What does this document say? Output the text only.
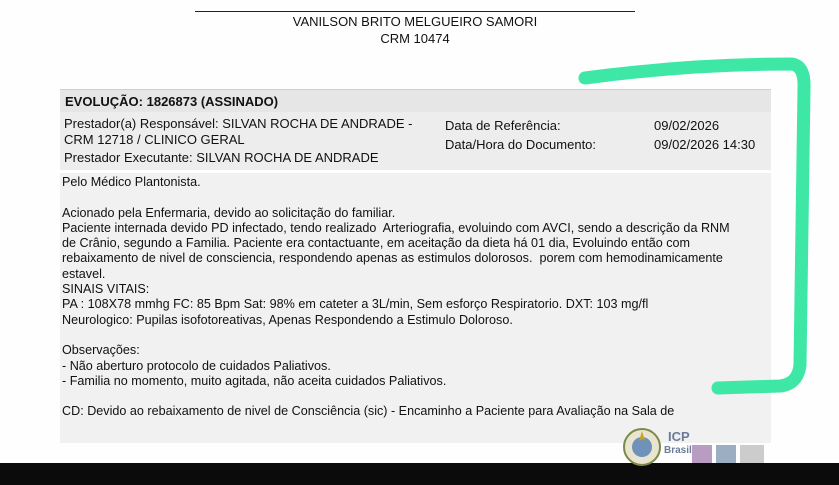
VANILSON BRITO MELGUEIRO SAMORI
CRM 10474
EVOLUÇÃO: 1826873 (ASSINADO)
Prestador(a) Responsável: SILVAN ROCHA DE ANDRADE -
CRM 12718 / CLINICO GERAL
Prestador Executante: SILVAN ROCHA DE ANDRADE
Data de Referência:	09/02/2026
Data/Hora do Documento:	09/02/2026 14:30
Pelo Médico Plantonista.

Acionado pela Enfermaria, devido ao solicitação do familiar.
Paciente internada devido PD infectado, tendo realizado  Arteriografia, evoluindo com AVCI, sendo a descrição da RNM
de Crânio, segundo a Familia. Paciente era contactuante, em aceitação da dieta há 01 dia, Evoluindo então com
rebaixamento de nivel de consciencia, respondendo apenas as estimulos dolorosos.  porem com hemodinamicamente
estavel.
SINAIS VITAIS:
PA : 108X78 mmhg FC: 85 Bpm Sat: 98% em cateter a 3L/min, Sem esforço Respiratorio. DXT: 103 mg/fl
Neurologico: Pupilas isofotoreativas, Apenas Respondendo a Estimulo Doloroso.

Observações:
- Não aberturo protocolo de cuidados Paliativos.
- Familia no momento, muito agitada, não aceita cuidados Paliativos.

CD: Devido ao rebaixamento de nivel de Consciência (sic) - Encaminho a Paciente para Avaliação na Sala de
ICP
Brasil
